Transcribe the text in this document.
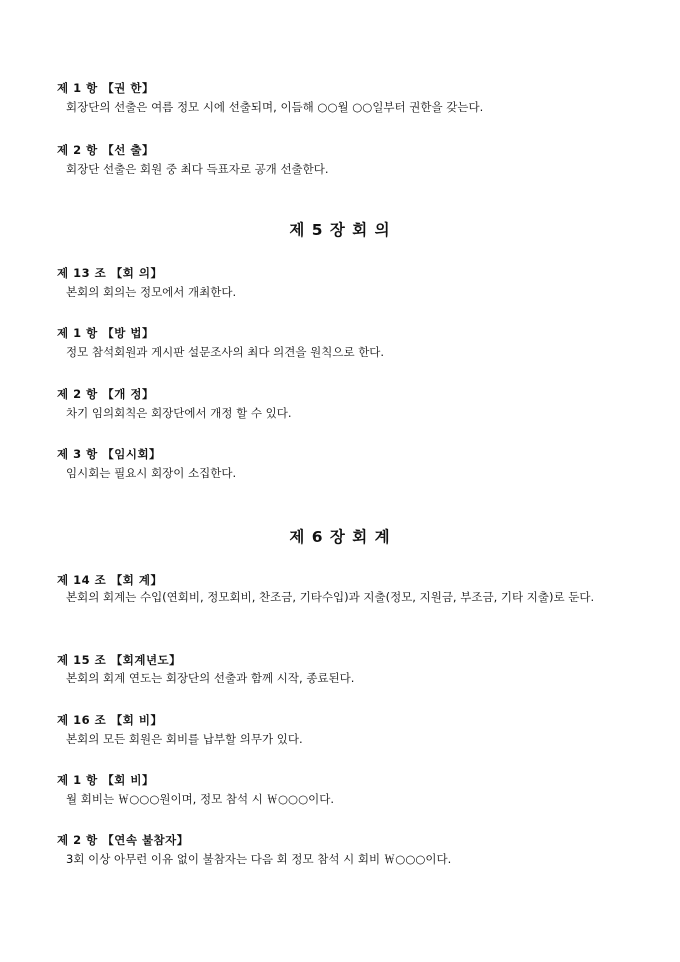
제 1 항 【권 한】
회장단의 선출은 여름 정모 시에 선출되며, 이듬해 ○○월 ○○일부터 권한을 갖는다.
제 2 항 【선 출】
회장단 선출은 회원 중 최다 득표자로 공개 선출한다.
제 5 장 회 의
제 13 조 【회 의】
본회의 회의는 정모에서 개최한다.
제 1 항 【방 법】
정모 참석회원과 게시판 설문조사의 최다 의견을 원칙으로 한다.
제 2 항 【개 정】
차기 임의회칙은 회장단에서 개정 할 수 있다.
제 3 항 【임시회】
임시회는 필요시 회장이 소집한다.
제 6 장 회 계
제 14 조 【회 계】
본회의 회계는 수입(연회비, 정모회비, 찬조금, 기타수입)과 지출(정모, 지원금, 부조금, 기타 지출)로 둔다.
제 15 조 【회계년도】
본회의 회계 연도는 회장단의 선출과 함께 시작, 종료된다.
제 16 조 【회 비】
본회의 모든 회원은 회비를 납부할 의무가 있다.
제 1 항 【회 비】
월 회비는 ￦○○○원이며, 정모 참석 시 ￦○○○이다.
제 2 항 【연속 불참자】
3회 이상 아무런 이유 없이 불참자는 다음 회 정모 참석 시 회비 ￦○○○이다.
